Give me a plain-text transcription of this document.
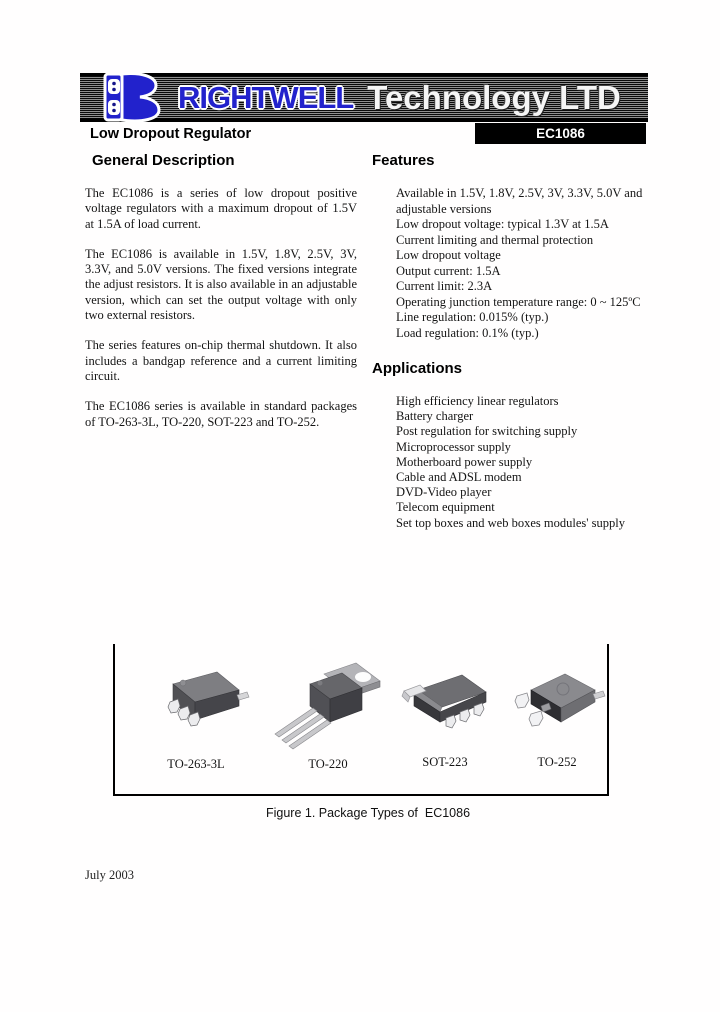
RIGHTWELL Technology LTD
Low Dropout Regulator	EC1086
General Description

The EC1086 is a series of low dropout positive voltage regulators with a maximum dropout of 1.5V at 1.5A of load current.

The EC1086 is available in 1.5V, 1.8V, 2.5V, 3V, 3.3V, and 5.0V versions. The fixed versions integrate the adjust resistors. It is also available in an adjustable version, which can set the output voltage with only two external resistors.

The series features on-chip thermal shutdown. It also includes a bandgap reference and a current limiting circuit.

The EC1086 series is available in standard packages of TO-263-3L, TO-220, SOT-223 and TO-252.

Features
Available in 1.5V, 1.8V, 2.5V, 3V, 3.3V, 5.0V and adjustable versions
Low dropout voltage: typical 1.3V at 1.5A
Current limiting and thermal protection
Low dropout voltage
Output current: 1.5A
Current limit: 2.3A
Operating junction temperature range: 0 ~ 125ºC
Line regulation: 0.015% (typ.)
Load regulation: 0.1% (typ.)
Applications
High efficiency linear regulators
Battery charger
Post regulation for switching supply
Microprocessor supply
Motherboard power supply
Cable and ADSL modem
DVD-Video player
Telecom equipment
Set top boxes and web boxes modules' supply
TO-263-3L	TO-220	SOT-223	TO-252
Figure 1. Package Types of  EC1086
July 2003
